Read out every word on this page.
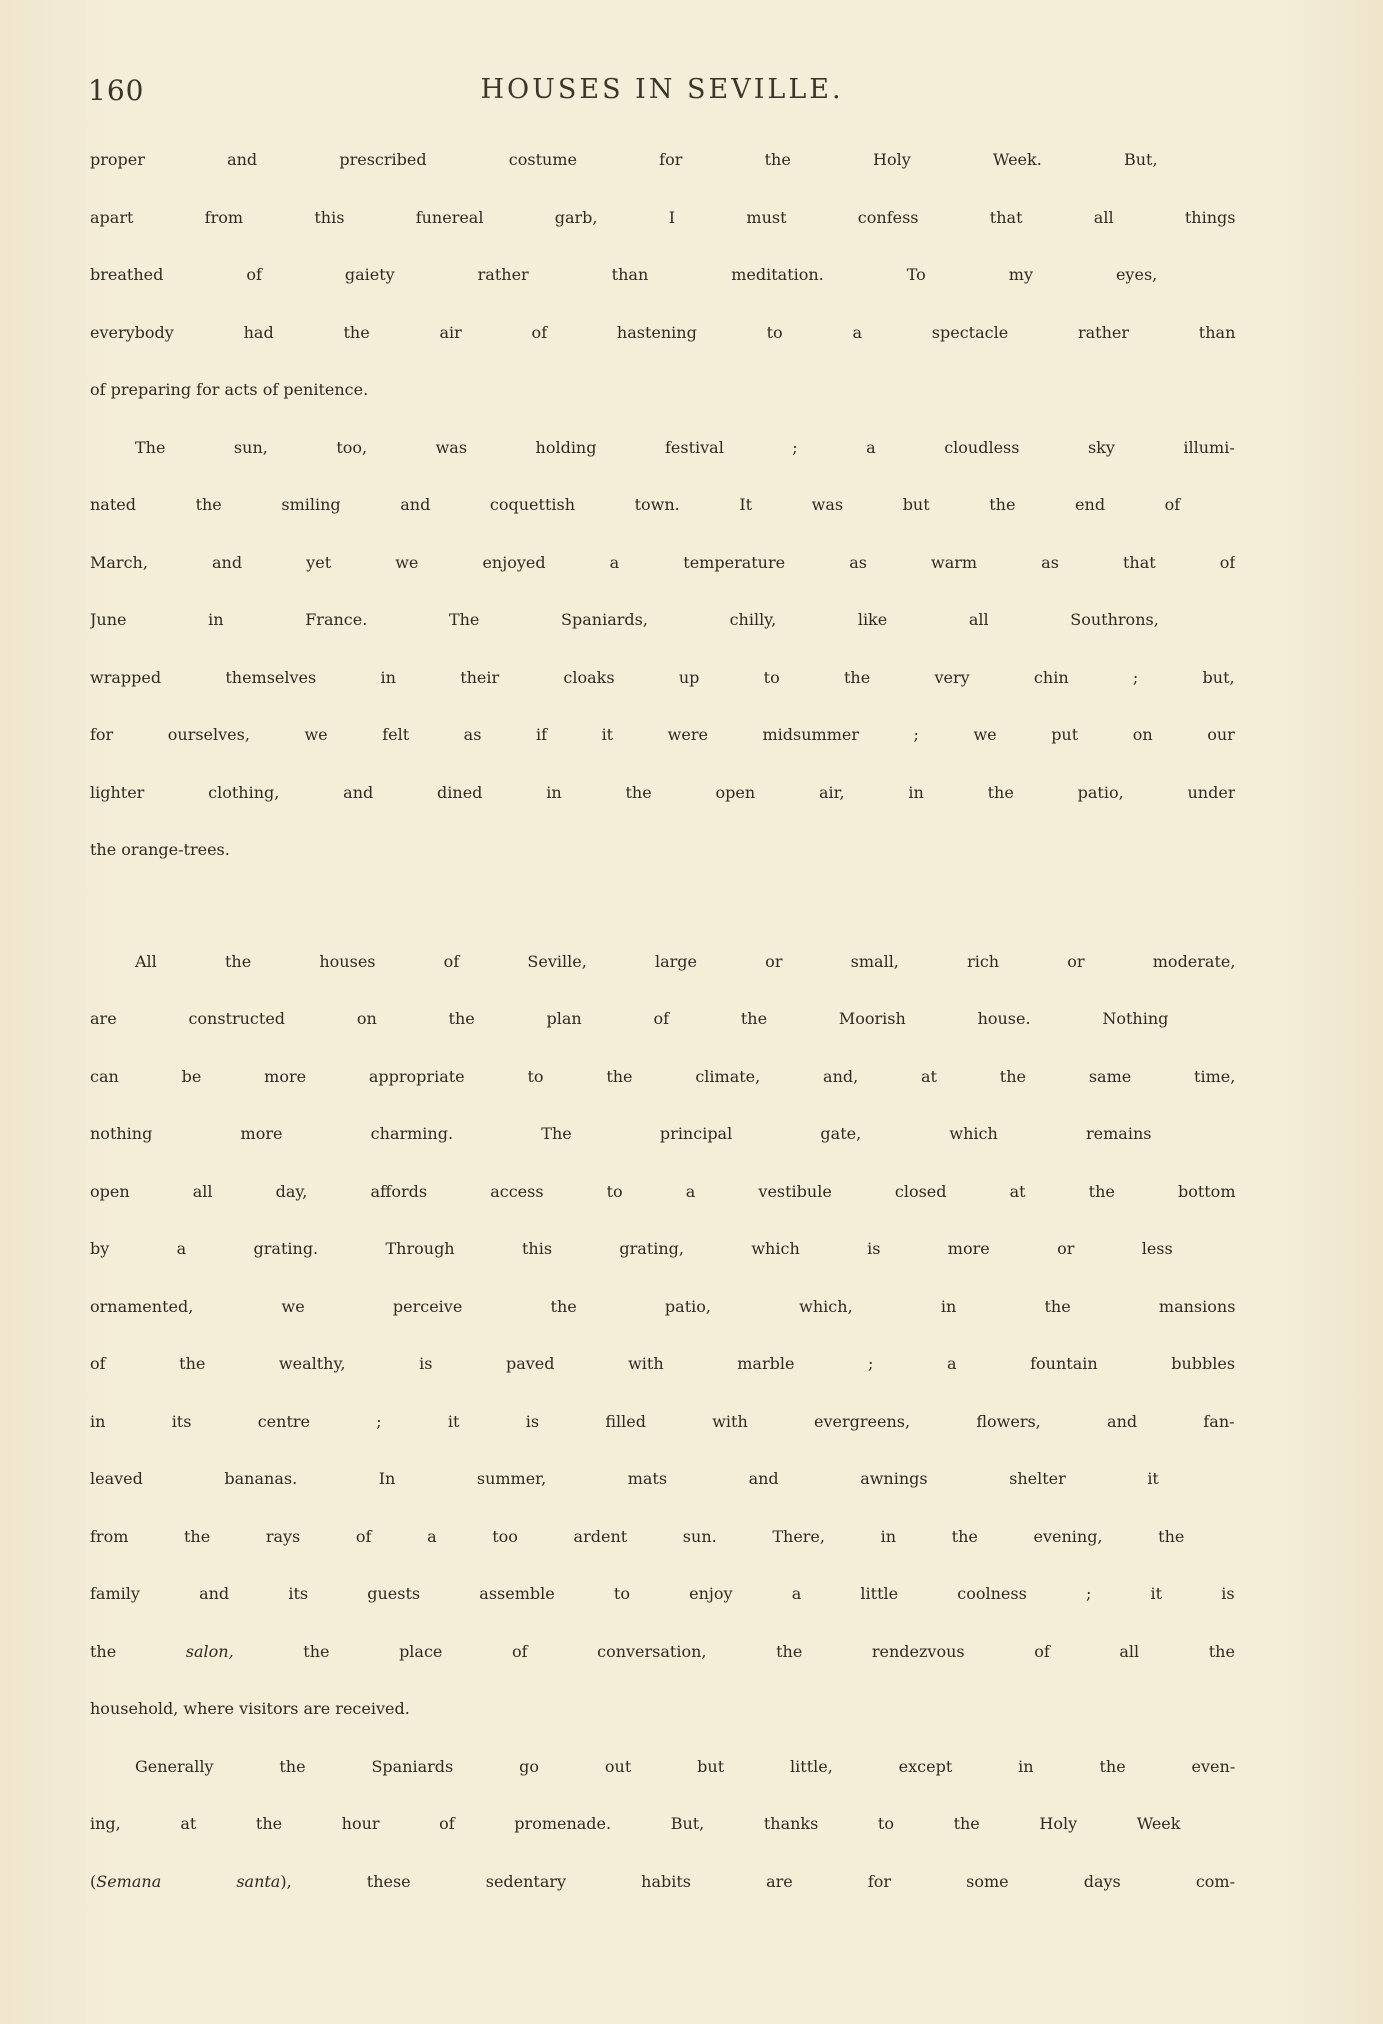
160	HOUSES IN SEVILLE.
proper and prescribed costume for the Holy Week. But,
apart from this funereal garb, I must confess that all things
breathed of gaiety rather than meditation. To my eyes,
everybody had the air of hastening to a spectacle rather than
of preparing for acts of penitence.
The sun, too, was holding festival ; a cloudless sky illumi-
nated the smiling and coquettish town. It was but the end of
March, and yet we enjoyed a temperature as warm as that of
June in France. The Spaniards, chilly, like all Southrons,
wrapped themselves in their cloaks up to the very chin ; but,
for ourselves, we felt as if it were midsummer ; we put on our
lighter clothing, and dined in the open air, in the patio, under
the orange-trees.
All the houses of Seville, large or small, rich or moderate,
are constructed on the plan of the Moorish house. Nothing
can be more appropriate to the climate, and, at the same time,
nothing more charming. The principal gate, which remains
open all day, affords access to a vestibule closed at the bottom
by a grating. Through this grating, which is more or less
ornamented, we perceive the patio, which, in the mansions
of the wealthy, is paved with marble ; a fountain bubbles
in its centre ; it is filled with evergreens, flowers, and fan-
leaved bananas. In summer, mats and awnings shelter it
from the rays of a too ardent sun. There, in the evening, the
family and its guests assemble to enjoy a little coolness ; it is
the salon, the place of conversation, the rendezvous of all the
household, where visitors are received.
Generally the Spaniards go out but little, except in the even-
ing, at the hour of promenade. But, thanks to the Holy Week
(Semana santa), these sedentary habits are for some days com-
